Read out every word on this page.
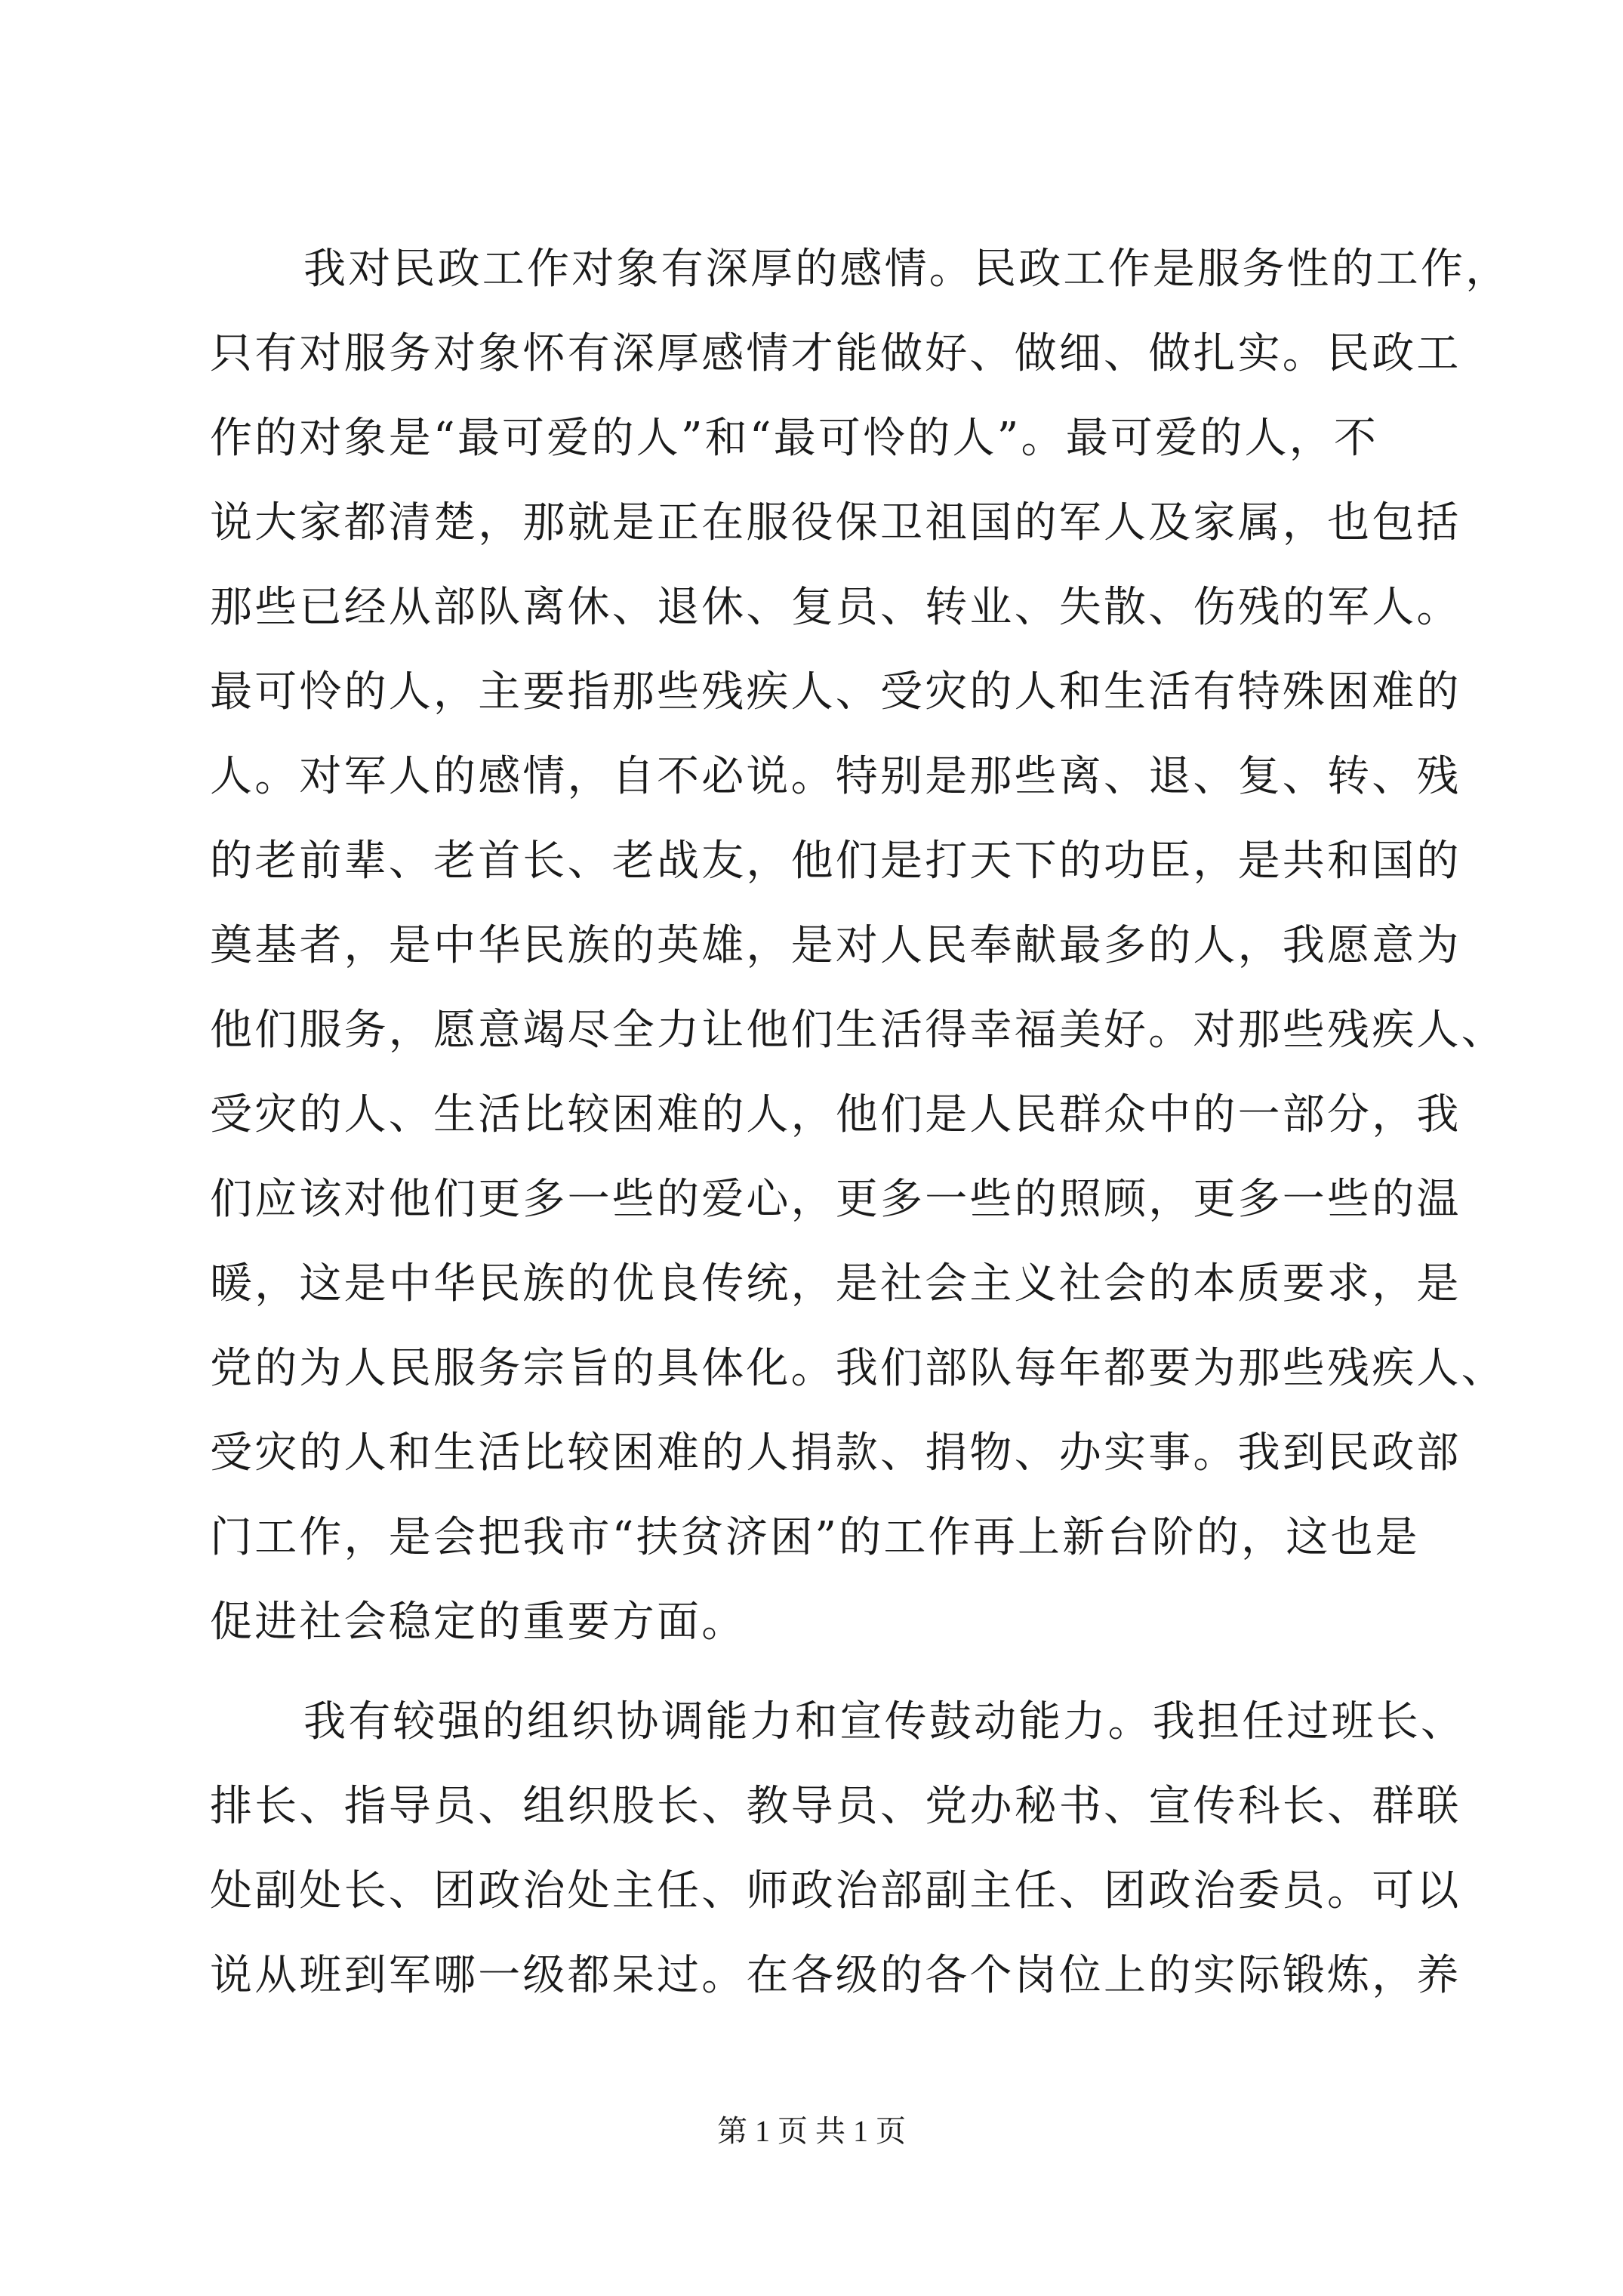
我对民政工作对象有深厚的感情。民政工作是服务性的工作，
只有对服务对象怀有深厚感情才能做好、做细、做扎实。民政工
作的对象是“最可爱的人”和“最可怜的人”。最可爱的人，不
说大家都清楚，那就是正在服役保卫祖国的军人及家属，也包括
那些已经从部队离休、退休、复员、转业、失散、伤残的军人。
最可怜的人，主要指那些残疾人、受灾的人和生活有特殊困难的
人。对军人的感情，自不必说。特别是那些离、退、复、转、残
的老前辈、老首长、老战友，他们是打天下的功臣，是共和国的
奠基者，是中华民族的英雄，是对人民奉献最多的人，我愿意为
他们服务，愿意竭尽全力让他们生活得幸福美好。对那些残疾人、
受灾的人、生活比较困难的人，他们是人民群众中的一部分，我
们应该对他们更多一些的爱心，更多一些的照顾，更多一些的温
暖，这是中华民族的优良传统，是社会主义社会的本质要求，是
党的为人民服务宗旨的具体化。我们部队每年都要为那些残疾人、
受灾的人和生活比较困难的人捐款、捐物、办实事。我到民政部
门工作，是会把我市“扶贫济困”的工作再上新台阶的，这也是
促进社会稳定的重要方面。
我有较强的组织协调能力和宣传鼓动能力。我担任过班长、
排长、指导员、组织股长、教导员、党办秘书、宣传科长、群联
处副处长、团政治处主任、师政治部副主任、团政治委员。可以
说从班到军哪一级都呆过。在各级的各个岗位上的实际锻炼，养
第 1 页 共 1 页
